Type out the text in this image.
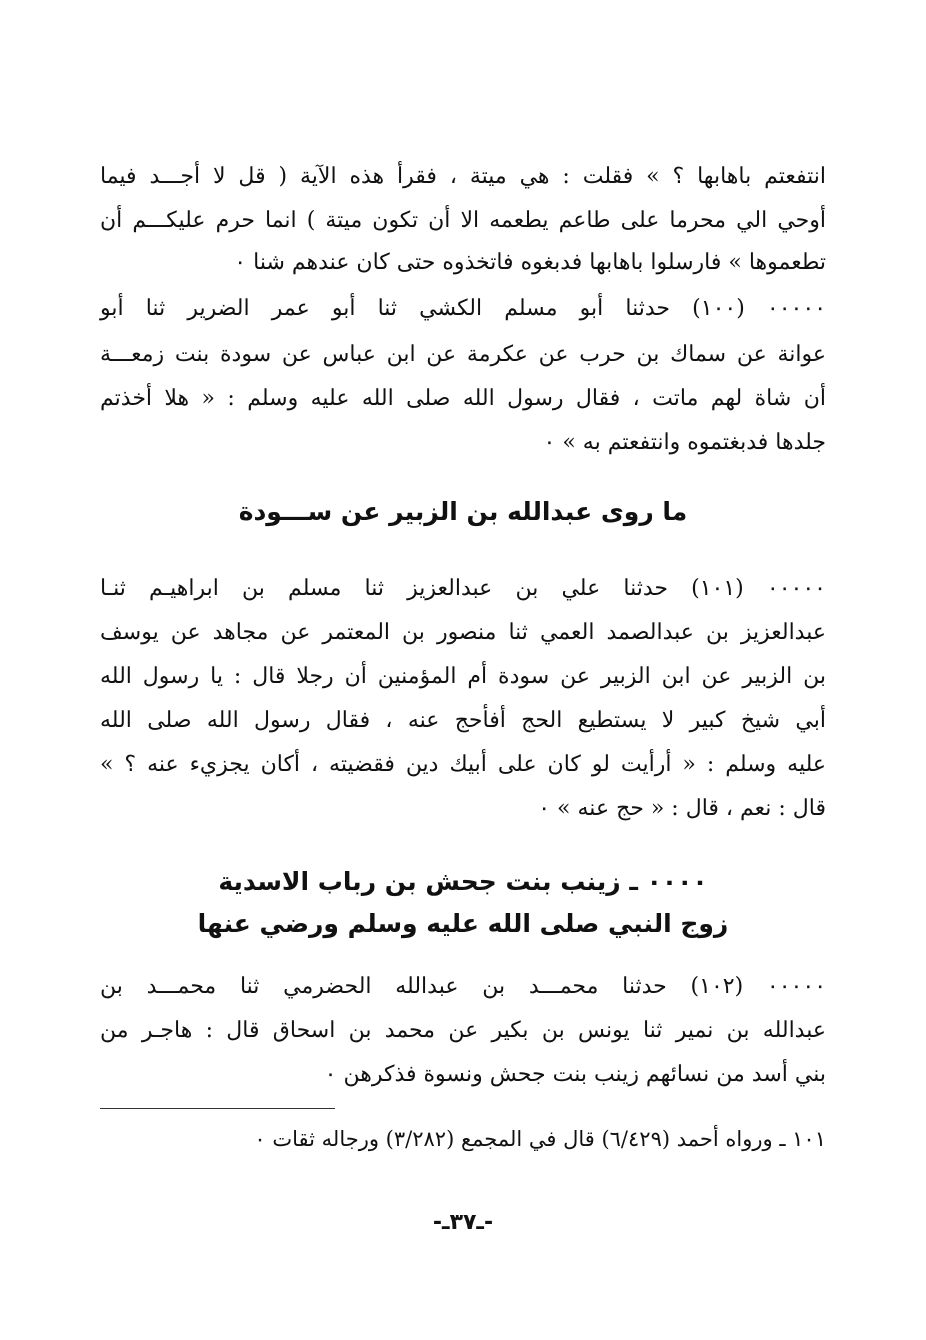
انتفعتم باهابها ؟ » فقلت : هي ميتة ، فقرأ هذه الآية ( قل لا أجـــد فيما
أوحي الي محرما على طاعم يطعمه الا أن تكون ميتة ) انما حرم عليكـــم أن
تطعموها » فارسلوا باهابها فدبغوه فاتخذوه حتى كان عندهم شنا ٠
٠٠٠٠٠ (١٠٠) حدثنا أبو مسلم الكشي ثنا أبو عمر الضرير ثنا أبو
عوانة عن سماك بن حرب عن عكرمة عن ابن عباس عن سودة بنت زمعـــة
أن شاة لهم ماتت ، فقال رسول الله صلى الله عليه وسلم : « هلا أخذتم
جلدها فدبغتموه وانتفعتم به » ٠
ما روى عبدالله بن الزبير عن ســـودة
٠٠٠٠٠ (١٠١) حدثنا علي بن عبدالعزيز ثنا مسلم بن ابراهيـم ثنـا
عبدالعزيز بن عبدالصمد العمي ثنا منصور بن المعتمر عن مجاهد عن يوسف
بن الزبير عن ابن الزبير عن سودة أم المؤمنين أن رجلا قال : يا رسول الله
أبي شيخ كبير لا يستطيع الحج أفأحج عنه ، فقال رسول الله صلى الله
عليه وسلم : « أرأيت لو كان على أبيك دين فقضيته ، أكان يجزيء عنه ؟ »
قال : نعم ، قال : « حج عنه » ٠
٠٠٠٠ ـ زينب بنت جحش بن رباب الاسدية
زوج النبي صلى الله عليه وسلم ورضي عنها
٠٠٠٠٠ (١٠٢) حدثنا محمـــد بن عبدالله الحضرمي ثنا محمـــد بن
عبدالله بن نمير ثنا يونس بن بكير عن محمد بن اسحاق قال : هاجـر من
بني أسد من نسائهم زينب بنت جحش ونسوة فذكرهن ٠
١٠١ ـ ورواه أحمد (٦/٤٢٩) قال في المجمع (٣/٢٨٢) ورجاله ثقات ٠
-ـ٣٧ـ-
